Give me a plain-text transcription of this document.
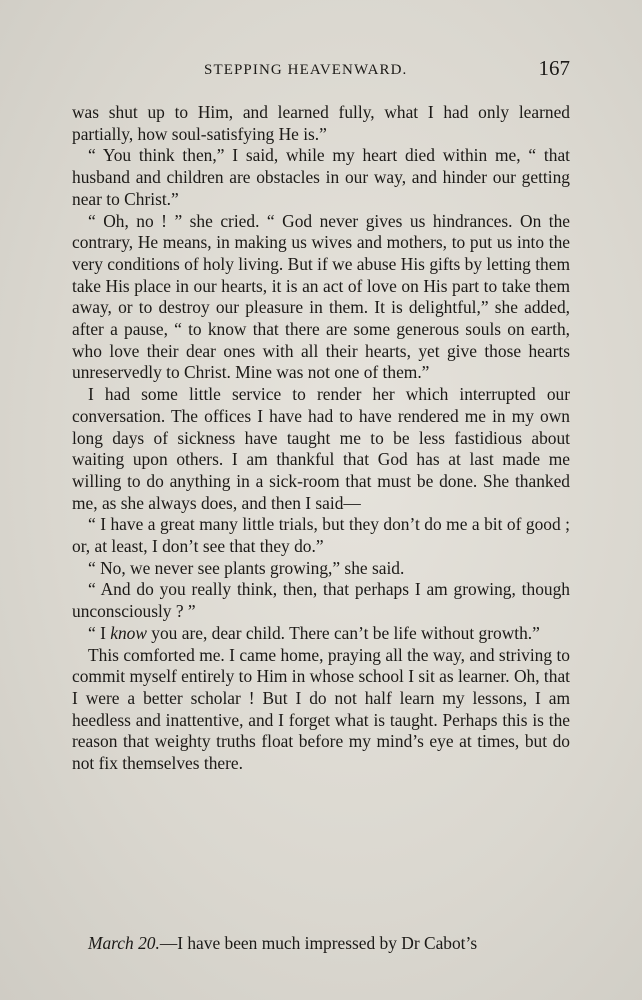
STEPPING HEAVENWARD.	167

was shut up to Him, and learned fully, what I had only learned partially, how soul-satisfying He is.”

“ You think then,” I said, while my heart died within me, “ that husband and children are obstacles in our way, and hinder our getting near to Christ.”

“ Oh, no ! ” she cried. “ God never gives us hindrances. On the contrary, He means, in making us wives and mothers, to put us into the very conditions of holy living. But if we abuse His gifts by letting them take His place in our hearts, it is an act of love on His part to take them away, or to destroy our pleasure in them. It is delightful,” she added, after a pause, “ to know that there are some generous souls on earth, who love their dear ones with all their hearts, yet give those hearts unreservedly to Christ. Mine was not one of them.”

I had some little service to render her which interrupted our conversation. The offices I have had to have rendered me in my own long days of sickness have taught me to be less fastidious about waiting upon others. I am thankful that God has at last made me willing to do anything in a sick-room that must be done. She thanked me, as she always does, and then I said—

“ I have a great many little trials, but they don’t do me a bit of good ; or, at least, I don’t see that they do.”

“ No, we never see plants growing,” she said.

“ And do you really think, then, that perhaps I am growing, though unconsciously ? ”

“ I know you are, dear child. There can’t be life without growth.”

This comforted me. I came home, praying all the way, and striving to commit myself entirely to Him in whose school I sit as learner. Oh, that I were a better scholar ! But I do not half learn my lessons, I am heedless and inattentive, and I forget what is taught. Perhaps this is the reason that weighty truths float before my mind’s eye at times, but do not fix themselves there.

March 20.—I have been much impressed by Dr Cabot’s
